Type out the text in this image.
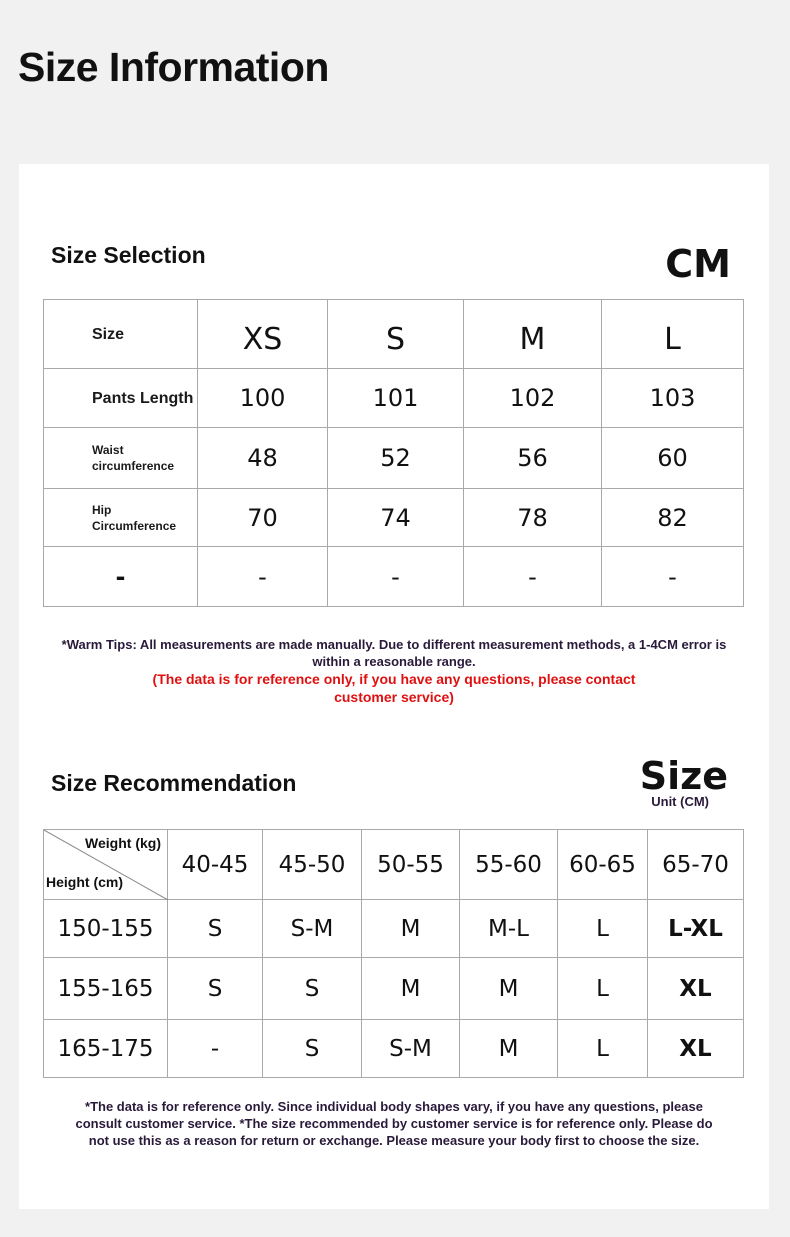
Size Information
Size Selection	CM
Size	XS	S	M	L
Pants Length	100	101	102	103
Waist circumference	48	52	56	60
Hip Circumference	70	74	78	82
-	-	-	-	-
*Warm Tips: All measurements are made manually. Due to different measurement methods, a 1-4CM error is within a reasonable range.
(The data is for reference only, if you have any questions, please contact customer service)
Size Recommendation	Size
Unit (CM)
Weight (kg)
Height (cm)	40-45	45-50	50-55	55-60	60-65	65-70
150-155	S	S-M	M	M-L	L	L-XL
155-165	S	S	M	M	L	XL
165-175	-	S	S-M	M	L	XL
*The data is for reference only. Since individual body shapes vary, if you have any questions, please consult customer service. *The size recommended by customer service is for reference only. Please do not use this as a reason for return or exchange. Please measure your body first to choose the size.
